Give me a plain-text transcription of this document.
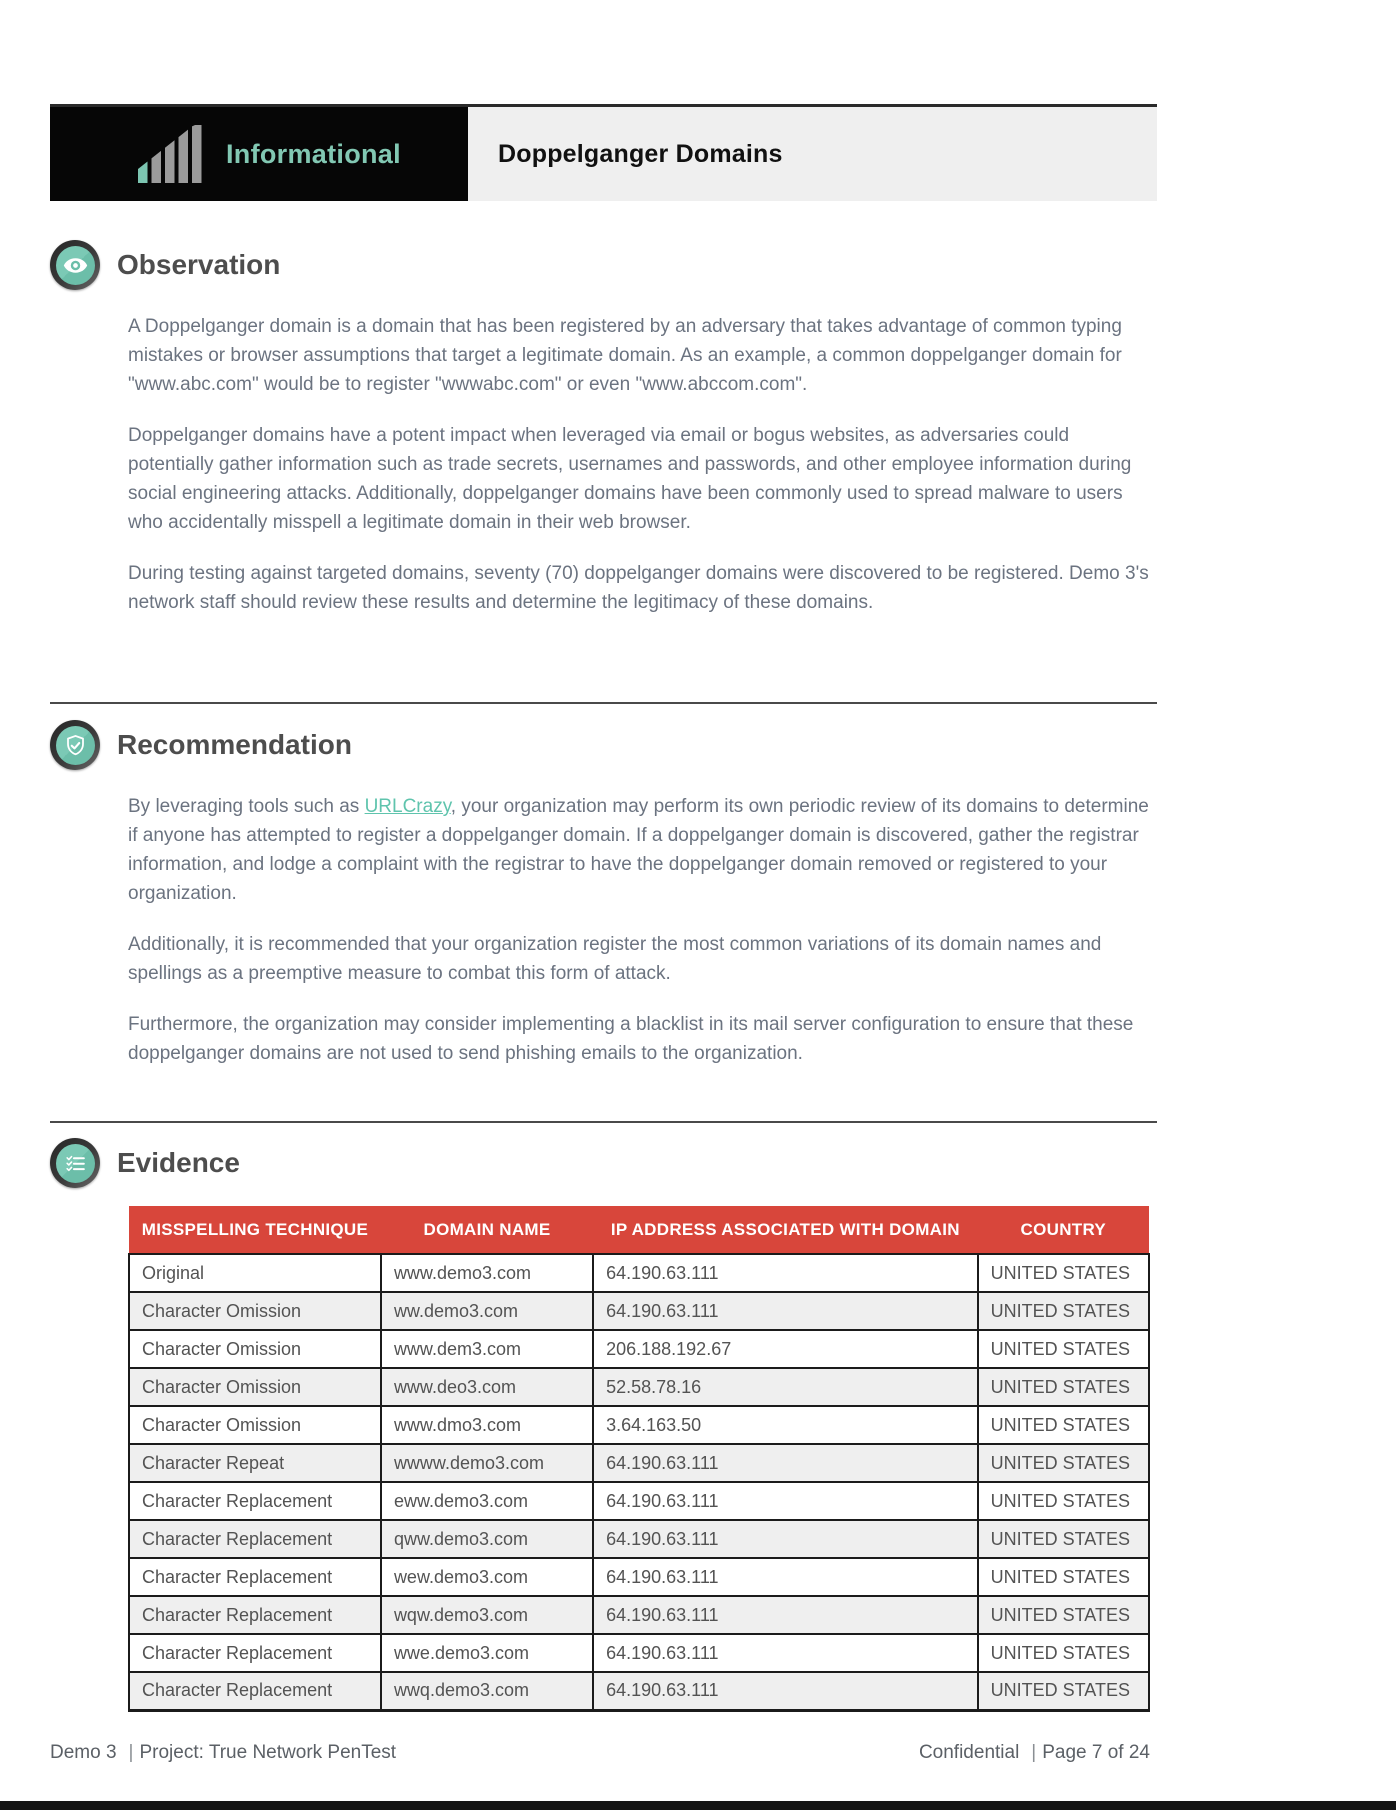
Informational	Doppelganger Domains
Observation

A Doppelganger domain is a domain that has been registered by an adversary that takes advantage of common typing mistakes or browser assumptions that target a legitimate domain. As an example, a common doppelganger domain for "www.abc.com" would be to register "wwwabc.com" or even "www.abccom.com".

Doppelganger domains have a potent impact when leveraged via email or bogus websites, as adversaries could potentially gather information such as trade secrets, usernames and passwords, and other employee information during social engineering attacks. Additionally, doppelganger domains have been commonly used to spread malware to users who accidentally misspell a legitimate domain in their web browser.

During testing against targeted domains, seventy (70) doppelganger domains were discovered to be registered. Demo 3's network staff should review these results and determine the legitimacy of these domains.

Recommendation

By leveraging tools such as URLCrazy, your organization may perform its own periodic review of its domains to determine if anyone has attempted to register a doppelganger domain. If a doppelganger domain is discovered, gather the registrar information, and lodge a complaint with the registrar to have the doppelganger domain removed or registered to your organization.

Additionally, it is recommended that your organization register the most common variations of its domain names and spellings as a preemptive measure to combat this form of attack.

Furthermore, the organization may consider implementing a blacklist in its mail server configuration to ensure that these doppelganger domains are not used to send phishing emails to the organization.

Evidence
MISSPELLING TECHNIQUE	DOMAIN NAME	IP ADDRESS ASSOCIATED WITH DOMAIN	COUNTRY
Original	www.demo3.com	64.190.63.111	UNITED STATES
Character Omission	ww.demo3.com	64.190.63.111	UNITED STATES
Character Omission	www.dem3.com	206.188.192.67	UNITED STATES
Character Omission	www.deo3.com	52.58.78.16	UNITED STATES
Character Omission	www.dmo3.com	3.64.163.50	UNITED STATES
Character Repeat	wwww.demo3.com	64.190.63.111	UNITED STATES
Character Replacement	eww.demo3.com	64.190.63.111	UNITED STATES
Character Replacement	qww.demo3.com	64.190.63.111	UNITED STATES
Character Replacement	wew.demo3.com	64.190.63.111	UNITED STATES
Character Replacement	wqw.demo3.com	64.190.63.111	UNITED STATES
Character Replacement	wwe.demo3.com	64.190.63.111	UNITED STATES
Character Replacement	wwq.demo3.com	64.190.63.111	UNITED STATES
Demo 3 | Project: True Network PenTest	Confidential | Page 7 of 24
